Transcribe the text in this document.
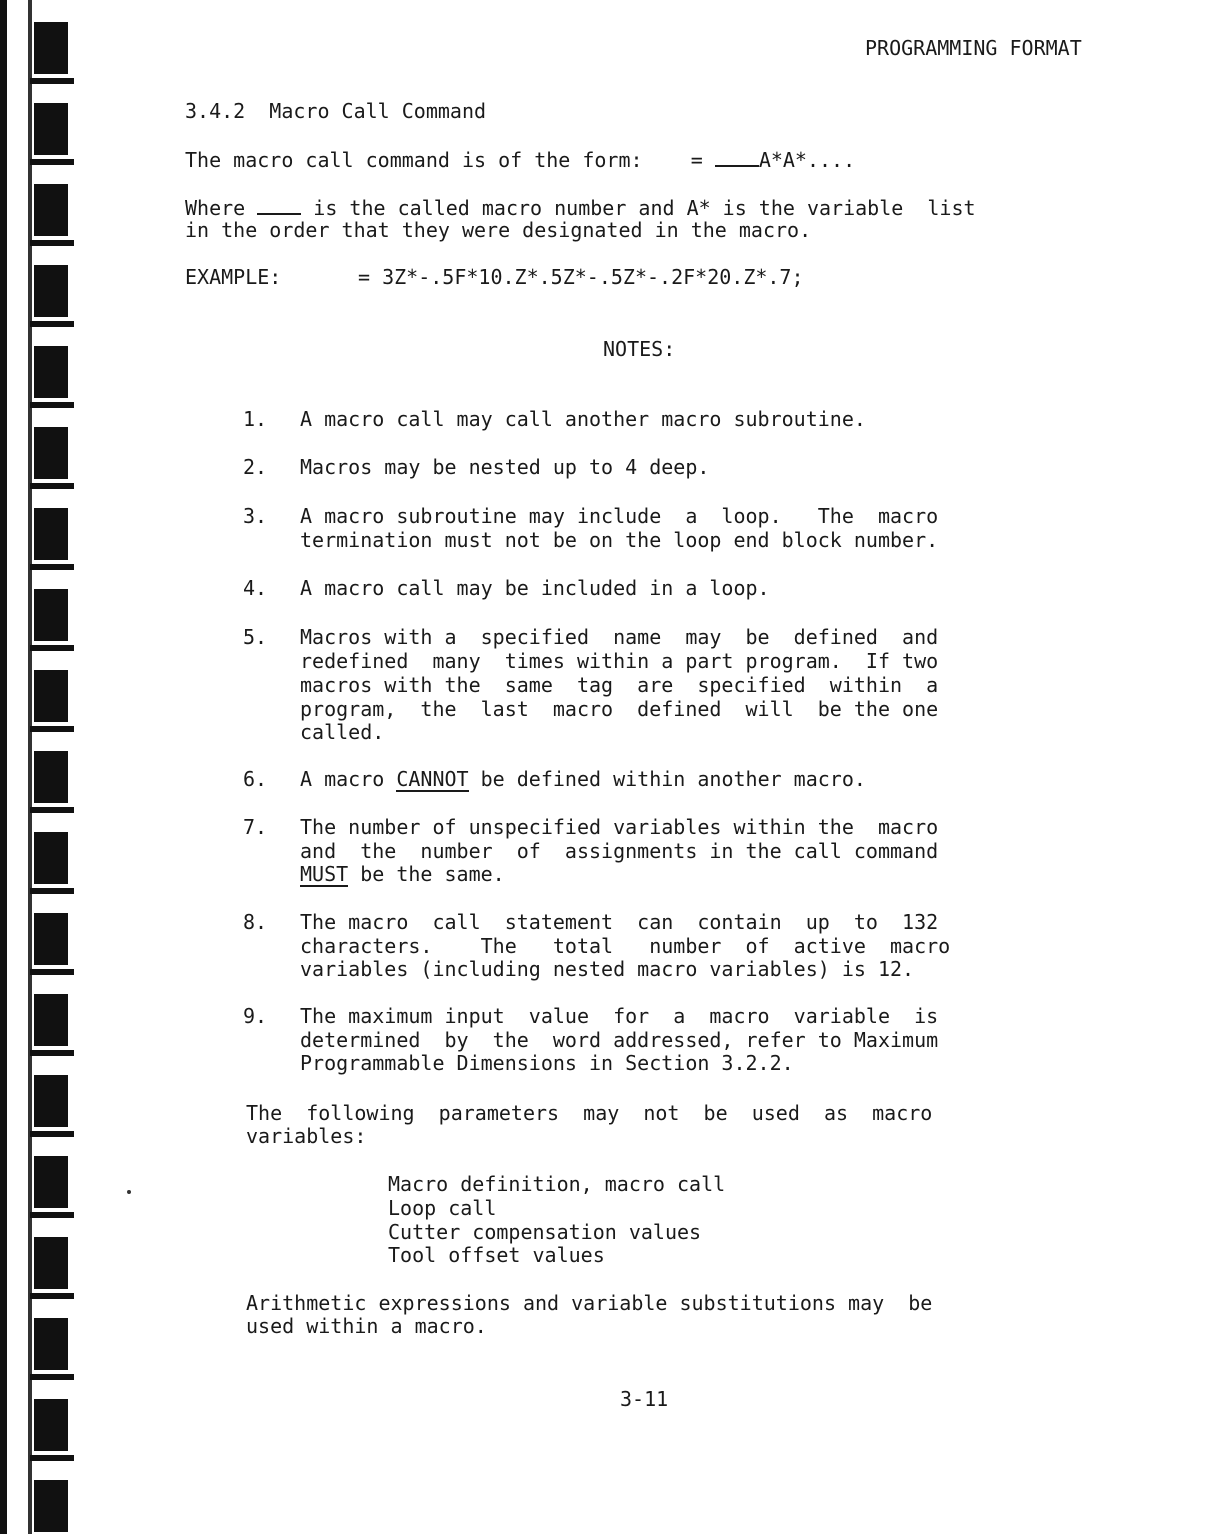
PROGRAMMING FORMAT
3.4.2  Macro Call Command
The macro call command is of the form:    = A*A*....
Where  is the called macro number and A* is the variable  list
in the order that they were designated in the macro.
EXAMPLE:	= 3Z*-.5F*10.Z*.5Z*-.5Z*-.2F*20.Z*.7;
NOTES:
1. A macro call may call another macro subroutine.
2. Macros may be nested up to 4 deep.
3. A macro subroutine may include  a  loop.   The  macro
termination must not be on the loop end block number.
4. A macro call may be included in a loop.
5. Macros with a  specified  name  may  be  defined  and
redefined  many  times within a part program.  If two
macros with the  same  tag  are  specified  within  a
program,  the  last  macro  defined  will  be the one
called.
6. A macro CANNOT be defined within another macro.
7. The number of unspecified variables within the  macro
and  the  number  of  assignments in the call command
MUST be the same.
8. The macro  call  statement  can  contain  up  to  132
characters.    The   total   number  of  active  macro
variables (including nested macro variables) is 12.
9. The maximum input  value  for  a  macro  variable  is
determined  by  the  word addressed, refer to Maximum
Programmable Dimensions in Section 3.2.2.
The  following  parameters  may  not  be  used  as  macro
variables:
Macro definition, macro call
Loop call
Cutter compensation values
Tool offset values
Arithmetic expressions and variable substitutions may  be
used within a macro.
3-11
